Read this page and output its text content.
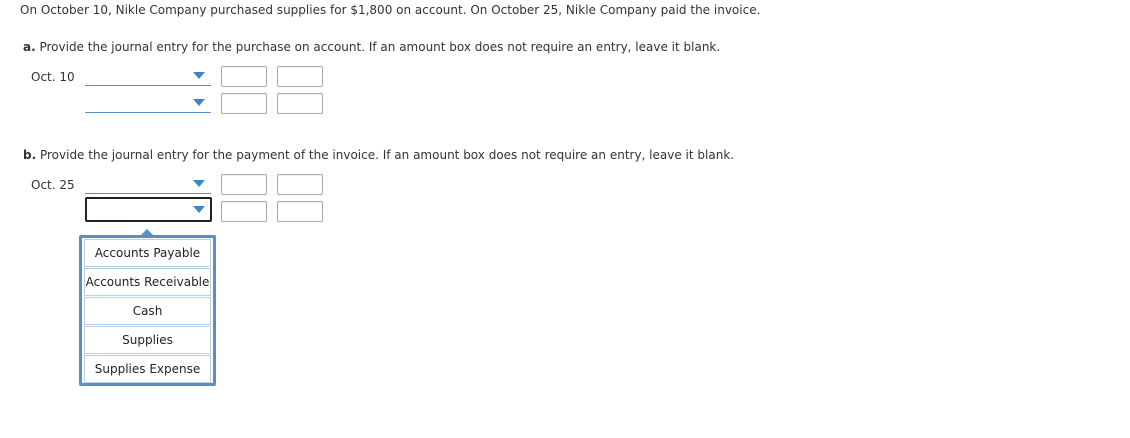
On October 10, Nikle Company purchased supplies for $1,800 on account. On October 25, Nikle Company paid the invoice.
a. Provide the journal entry for the purchase on account. If an amount box does not require an entry, leave it blank.
Oct. 10
b. Provide the journal entry for the payment of the invoice. If an amount box does not require an entry, leave it blank.
Oct. 25
Accounts Payable
Accounts Receivable
Cash
Supplies
Supplies Expense
